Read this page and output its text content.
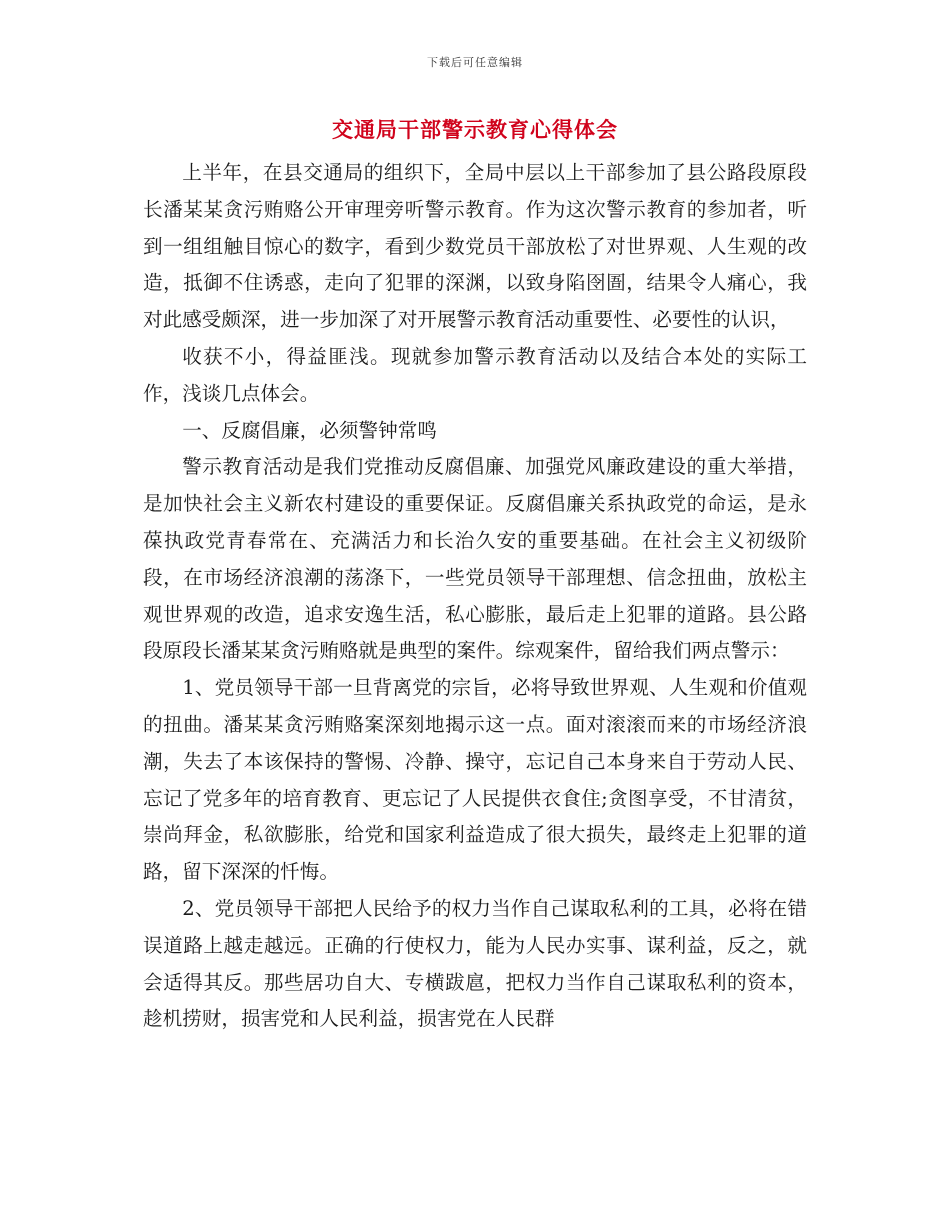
下载后可任意编辑
交通局干部警示教育心得体会

上半年，在县交通局的组织下，全局中层以上干部参加了县公路段原段长潘某某贪污贿赂公开审理旁听警示教育。作为这次警示教育的参加者，听到一组组触目惊心的数字，看到少数党员干部放松了对世界观、人生观的改造，抵御不住诱惑，走向了犯罪的深渊，以致身陷囹圄，结果令人痛心，我对此感受颇深，进一步加深了对开展警示教育活动重要性、必要性的认识，

收获不小，得益匪浅。现就参加警示教育活动以及结合本处的实际工作，浅谈几点体会。

一、反腐倡廉，必须警钟常鸣

警示教育活动是我们党推动反腐倡廉、加强党风廉政建设的重大举措，是加快社会主义新农村建设的重要保证。反腐倡廉关系执政党的命运，是永葆执政党青春常在、充满活力和长治久安的重要基础。在社会主义初级阶段，在市场经济浪潮的荡涤下，一些党员领导干部理想、信念扭曲，放松主观世界观的改造，追求安逸生活，私心膨胀，最后走上犯罪的道路。县公路段原段长潘某某贪污贿赂就是典型的案件。综观案件，留给我们两点警示：

1、党员领导干部一旦背离党的宗旨，必将导致世界观、人生观和价值观的扭曲。潘某某贪污贿赂案深刻地揭示这一点。面对滚滚而来的市场经济浪潮，失去了本该保持的警惕、冷静、操守，忘记自己本身来自于劳动人民、忘记了党多年的培育教育、更忘记了人民提供衣食住;贪图享受，不甘清贫，崇尚拜金，私欲膨胀，给党和国家利益造成了很大损失，最终走上犯罪的道路，留下深深的忏悔。

2、党员领导干部把人民给予的权力当作自己谋取私利的工具，必将在错误道路上越走越远。正确的行使权力，能为人民办实事、谋利益，反之，就会适得其反。那些居功自大、专横跋扈，把权力当作自己谋取私利的资本，趁机捞财，损害党和人民利益，损害党在人民群
